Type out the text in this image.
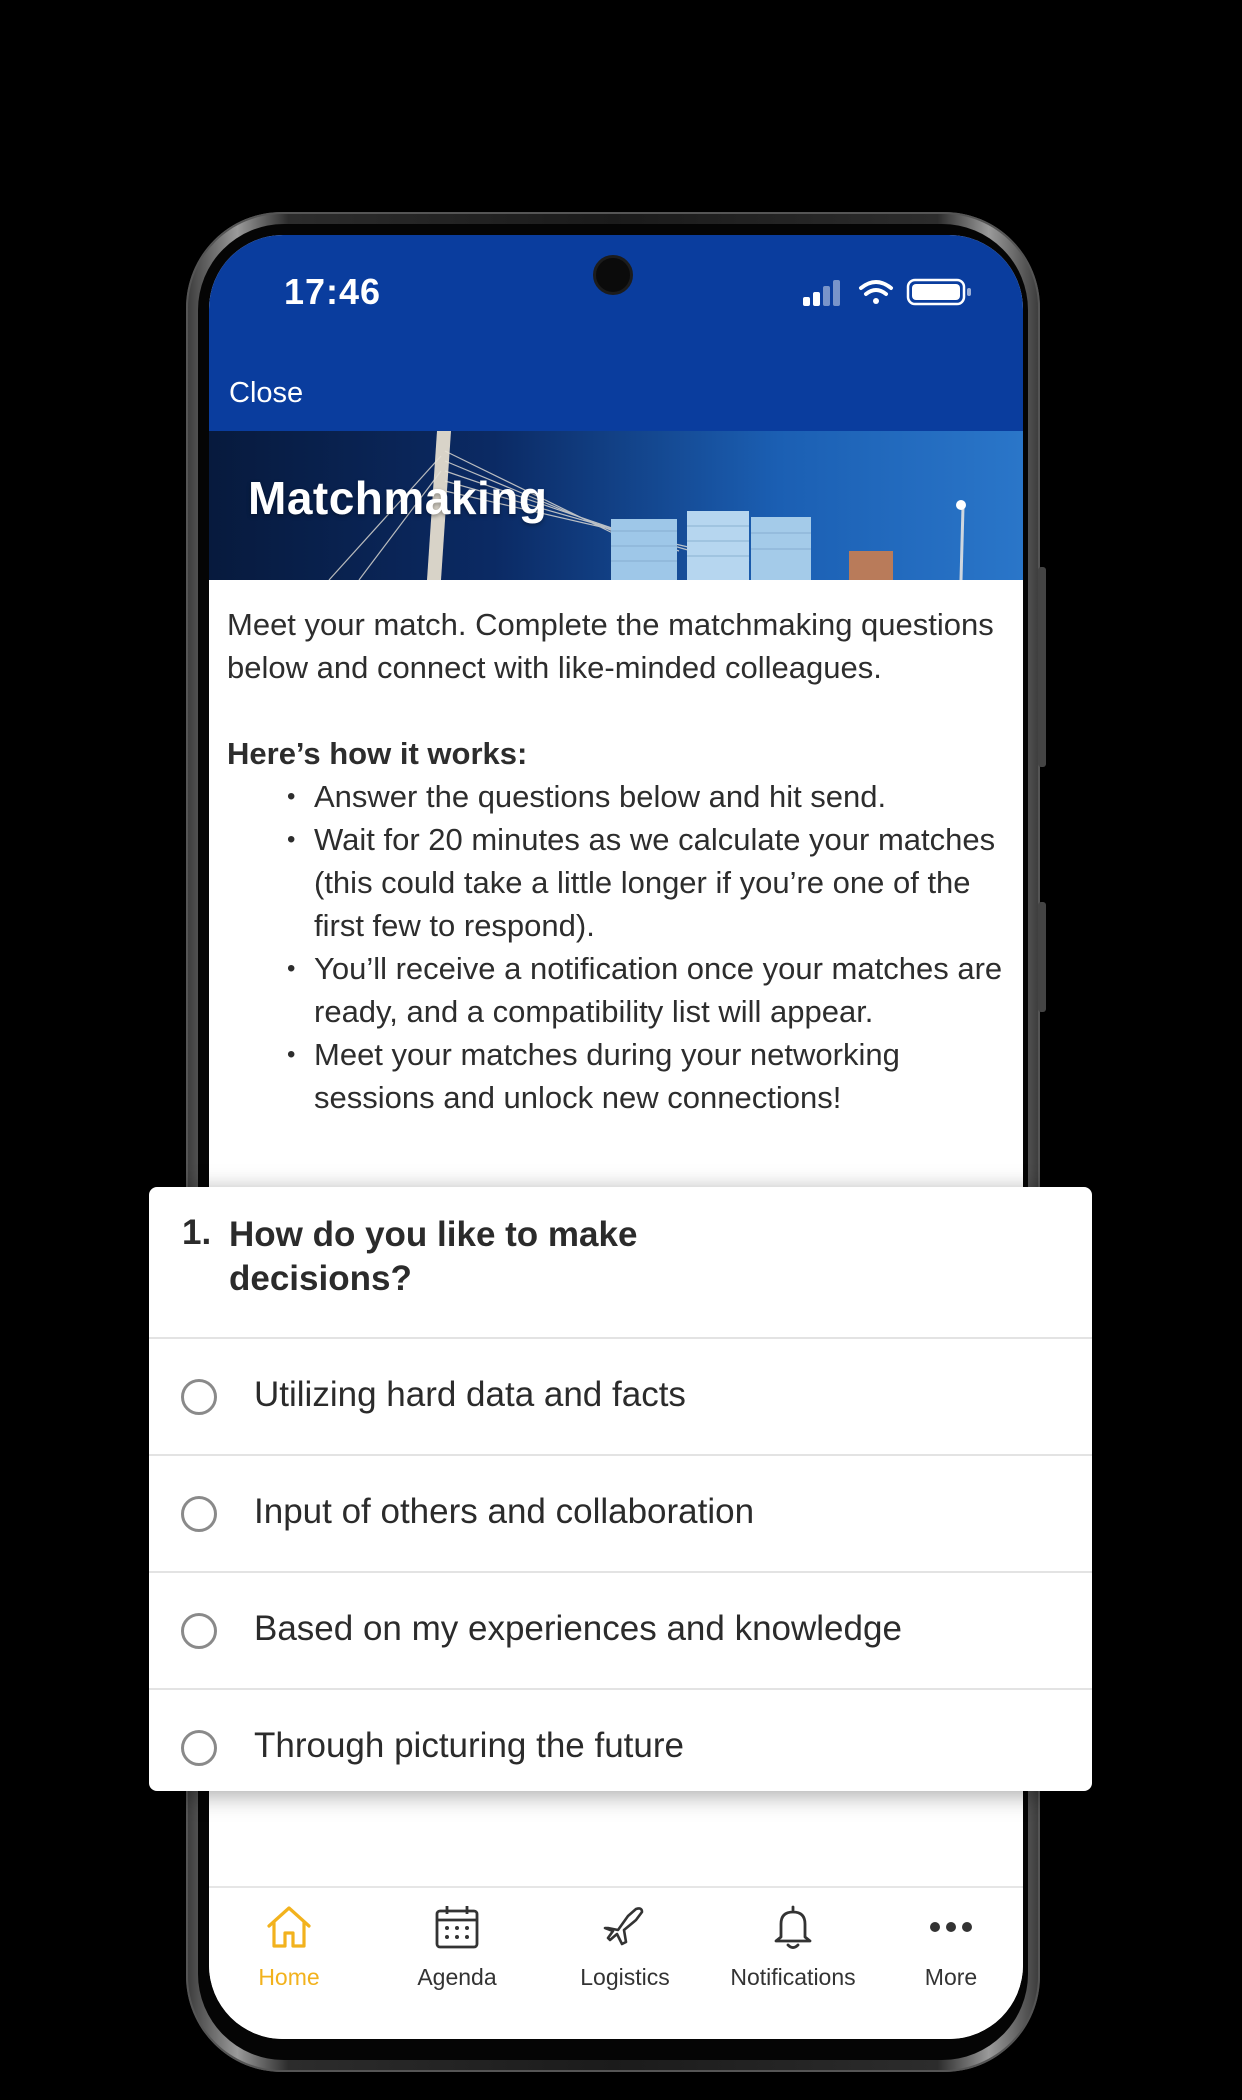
17:46
Close
Matchmaking

Meet your match. Complete the matchmaking questions below and connect with like-minded colleagues.

Here’s how it works:

• Answer the questions below and hit send.
• Wait for 20 minutes as we calculate your matches (this could take a little longer if you’re one of the first few to respond).
• You’ll receive a notification once your matches are ready, and a compatibility list will appear.
• Meet your matches during your networking sessions and unlock new connections!
Home	Agenda	Logistics	Notifications	More
1. How do you like to make decisions?
Utilizing hard data and facts
Input of others and collaboration
Based on my experiences and knowledge
Through picturing the future
